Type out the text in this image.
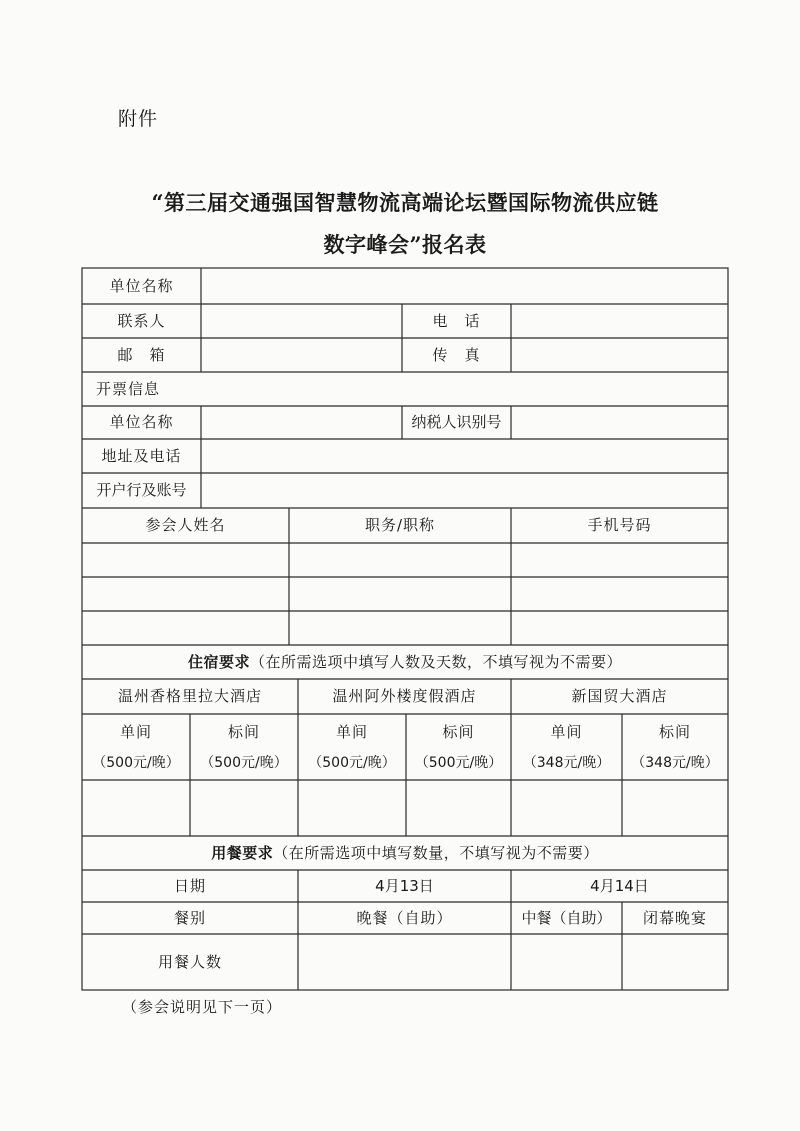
附件
“第三届交通强国智慧物流高端论坛暨国际物流供应链
数字峰会”报名表
单位名称
联系人	电　话
邮　箱	传　真
开票信息
单位名称	纳税人识别号
地址及电话
开户行及账号
参会人姓名	职务/职称	手机号码
住宿要求 （在所需选项中填写人数及天数，不填写视为不需要）
温州香格里拉大酒店	温州阿外楼度假酒店	新国贸大酒店
单间	标间	单间	标间	单间	标间
（500元/晚）	（500元/晚）	（500元/晚）	（500元/晚）	（348元/晚）	（348元/晚）
用餐要求 （在所需选项中填写数量，不填写视为不需要）
日期	4月13日	4月14日
餐别	晚餐（自助）	中餐（自助）	闭幕晚宴
用餐人数
（参会说明见下一页）
